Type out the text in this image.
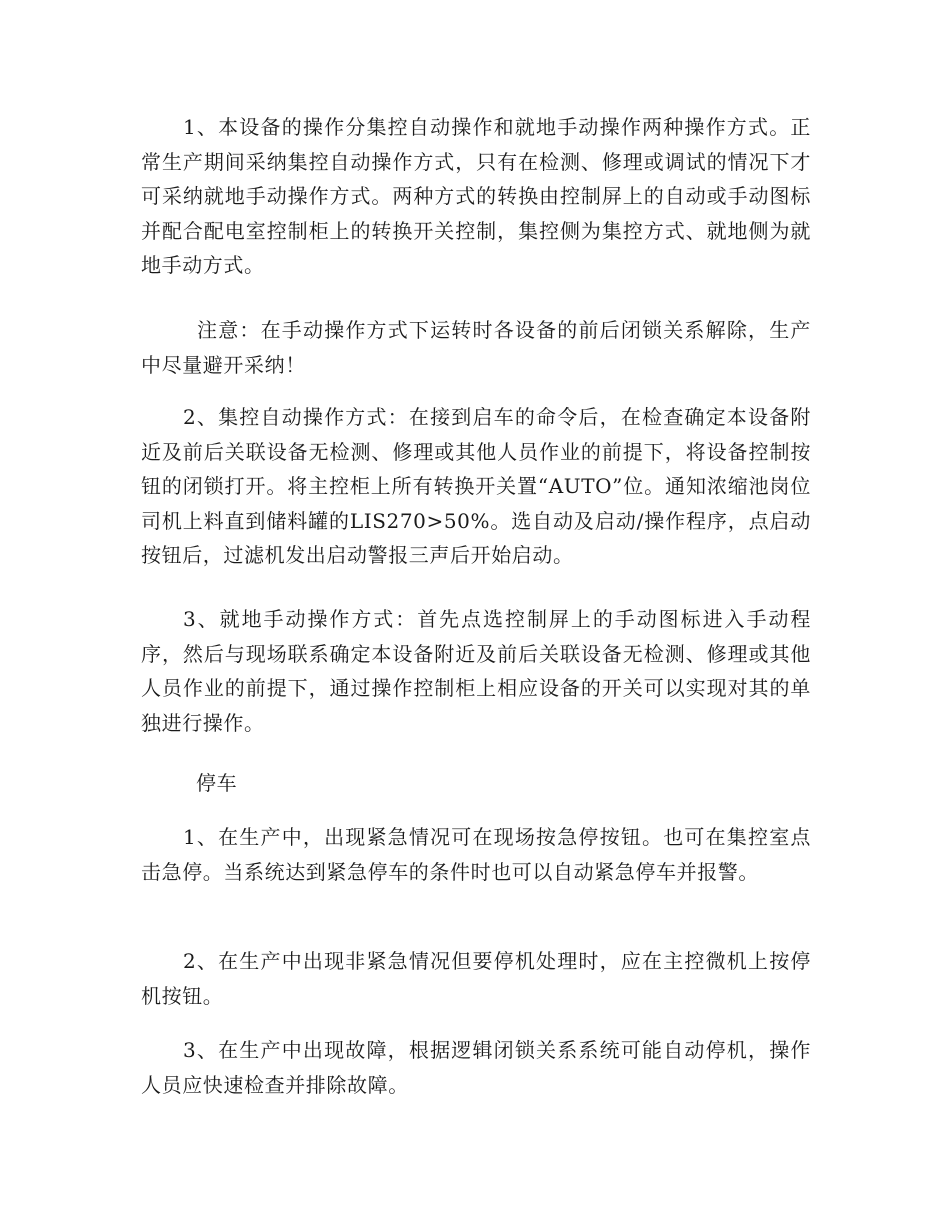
1、本设备的操作分集控自动操作和就地手动操作两种操作方式。正常生产期间采纳集控自动操作方式，只有在检测、修理或调试的情况下才可采纳就地手动操作方式。两种方式的转换由控制屏上的自动或手动图标并配合配电室控制柜上的转换开关控制，集控侧为集控方式、就地侧为就地手动方式。

注意：在手动操作方式下运转时各设备的前后闭锁关系解除，生产中尽量避开采纳！

2、集控自动操作方式：在接到启车的命令后，在检查确定本设备附近及前后关联设备无检测、修理或其他人员作业的前提下，将设备控制按钮的闭锁打开。将主控柜上所有转换开关置“AUTO”位。通知浓缩池岗位司机上料直到储料罐的LIS270>50%。选自动及启动/操作程序，点启动按钮后，过滤机发出启动警报三声后开始启动。

3、就地手动操作方式：首先点选控制屏上的手动图标进入手动程序，然后与现场联系确定本设备附近及前后关联设备无检测、修理或其他人员作业的前提下，通过操作控制柜上相应设备的开关可以实现对其的单独进行操作。

停车

1、在生产中，出现紧急情况可在现场按急停按钮。也可在集控室点击急停。当系统达到紧急停车的条件时也可以自动紧急停车并报警。

2、在生产中出现非紧急情况但要停机处理时，应在主控微机上按停机按钮。

3、在生产中出现故障，根据逻辑闭锁关系系统可能自动停机，操作人员应快速检查并排除故障。
